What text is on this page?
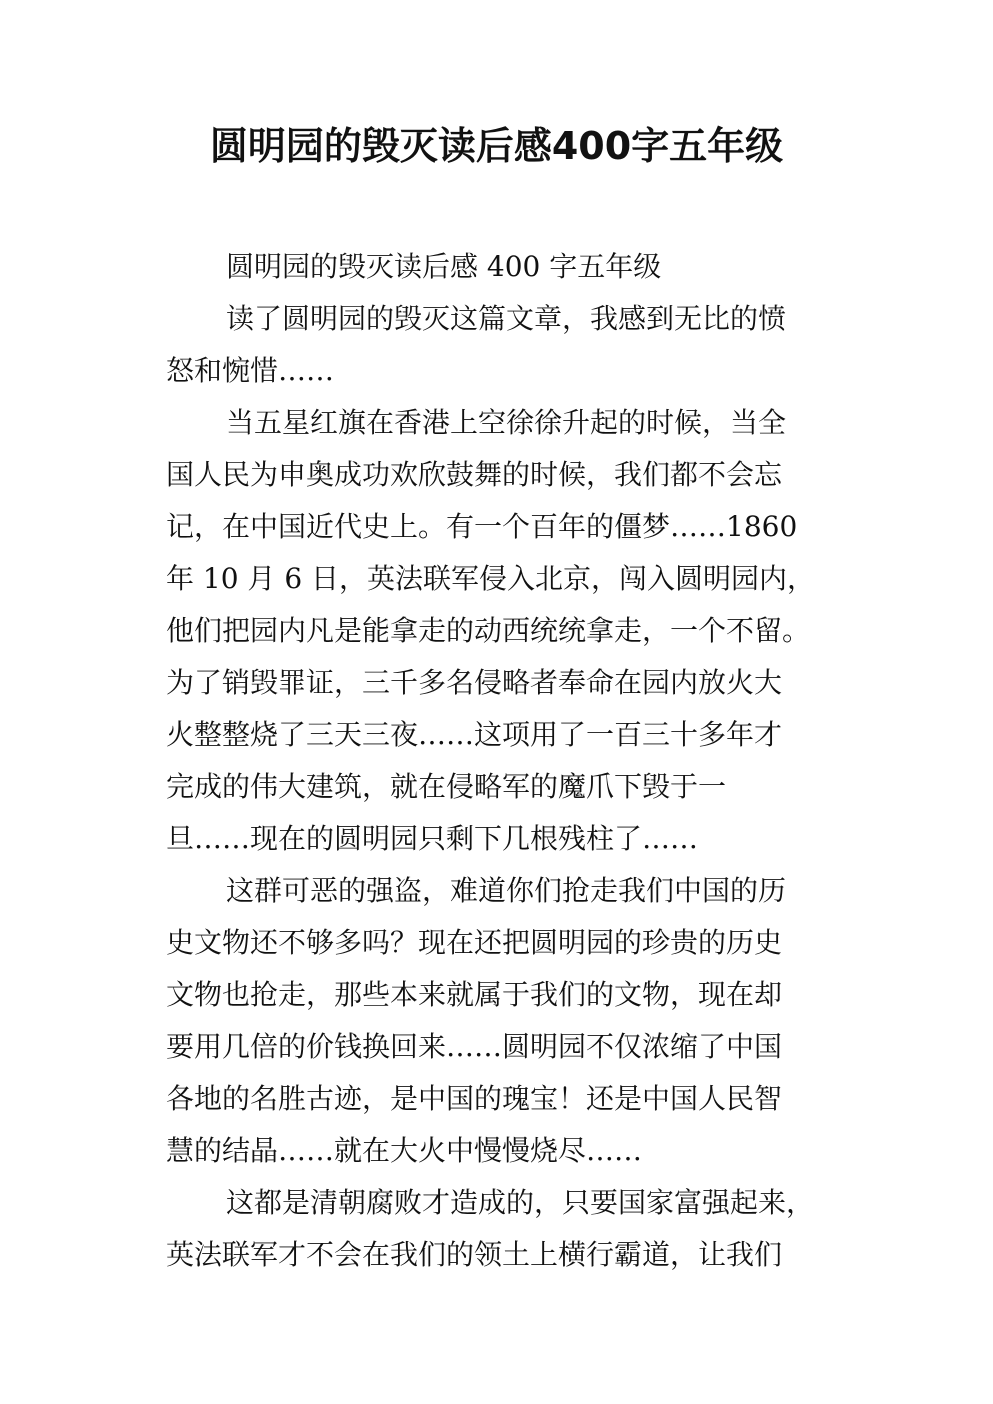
圆明园的毁灭读后感400字五年级
圆明园的毁灭读后感 400 字五年级
读了圆明园的毁灭这篇文章，我感到无比的愤
怒和惋惜……
当五星红旗在香港上空徐徐升起的时候，当全
国人民为申奥成功欢欣鼓舞的时候，我们都不会忘
记，在中国近代史上。有一个百年的僵梦……1860
年 10 月 6 日，英法联军侵入北京，闯入圆明园内，
他们把园内凡是能拿走的动西统统拿走，一个不留。
为了销毁罪证，三千多名侵略者奉命在园内放火大
火整整烧了三天三夜……这项用了一百三十多年才
完成的伟大建筑，就在侵略军的魔爪下毁于一
旦……现在的圆明园只剩下几根残柱了……
这群可恶的强盗，难道你们抢走我们中国的历
史文物还不够多吗？现在还把圆明园的珍贵的历史
文物也抢走，那些本来就属于我们的文物，现在却
要用几倍的价钱换回来……圆明园不仅浓缩了中国
各地的名胜古迹，是中国的瑰宝！还是中国人民智
慧的结晶……就在大火中慢慢烧尽……
这都是清朝腐败才造成的，只要国家富强起来，
英法联军才不会在我们的领土上横行霸道，让我们
